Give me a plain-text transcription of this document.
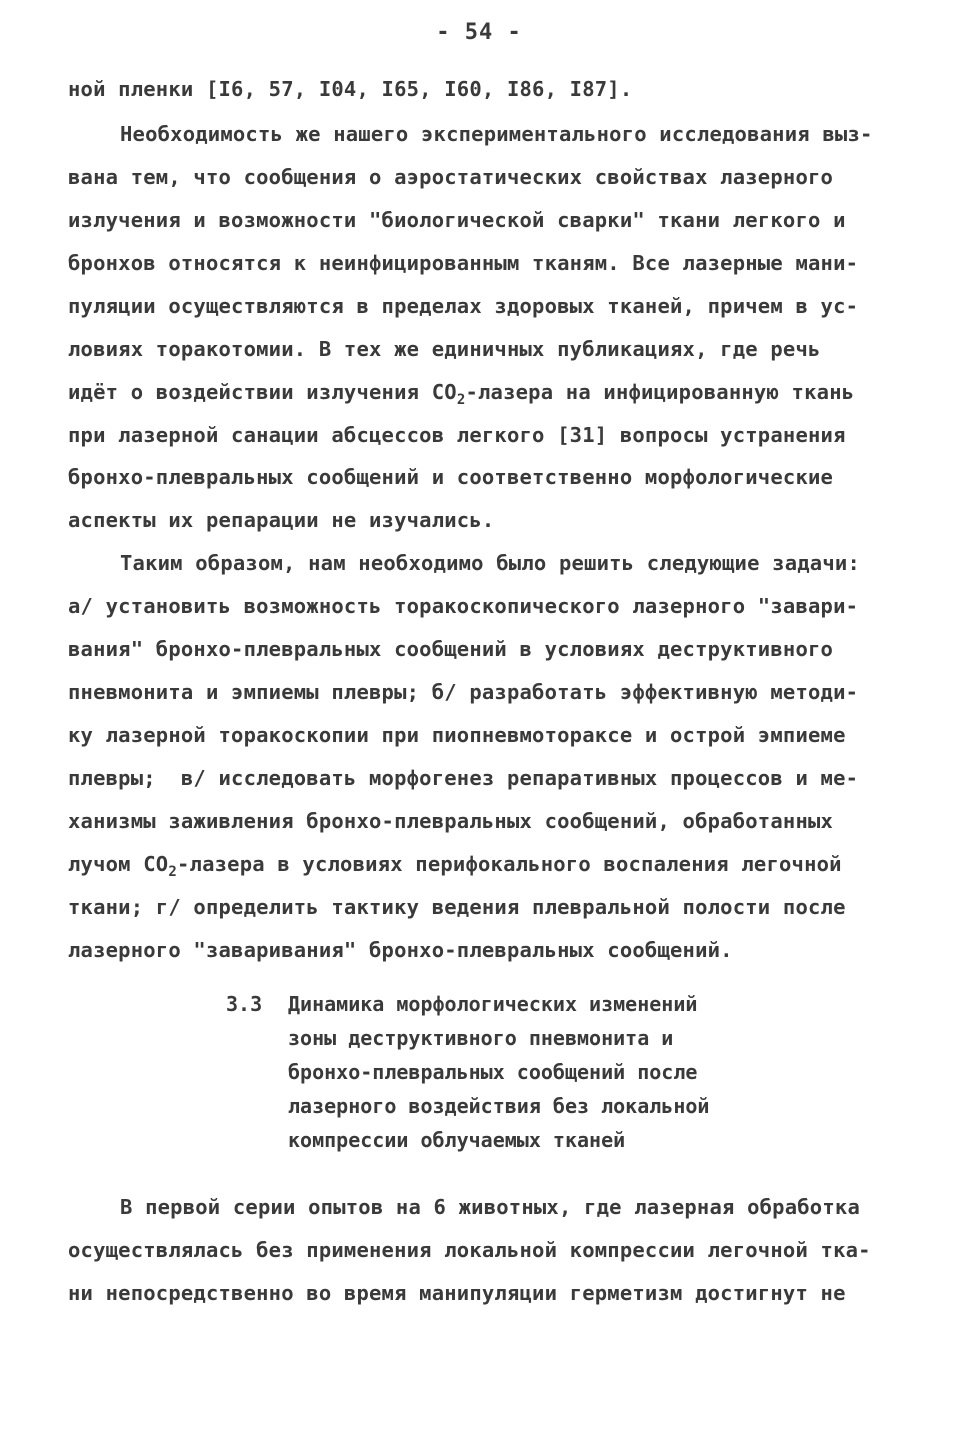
- 54 -
ной пленки [I6, 57, I04, I65, I60, I86, I87].
Необходимость же нашего экспериментального исследования выз-
вана тем, что сообщения о аэростатических свойствах лазерного
излучения и возможности "биологической сварки" ткани легкого и
бронхов относятся к неинфицированным тканям. Все лазерные мани-
пуляции осуществляются в пределах здоровых тканей, причем в ус-
ловиях торакотомии. В тех же единичных публикациях, где речь
идёт о воздействии излучения $CO_2$-лазера на инфицированную ткань
при лазерной санации абсцессов легкого [31] вопросы устранения
бронхо-плевральных сообщений и соответственно морфологические
аспекты их репарации не изучались.
Таким образом, нам необходимо было решить следующие задачи:
а/ установить возможность торакоскопического лазерного "завари-
вания" бронхо-плевральных сообщений в условиях деструктивного
пневмонита и эмпиемы плевры; б/ разработать эффективную методи-
ку лазерной торакоскопии при пиопневмотораксе и острой эмпиеме
плевры;  в/ исследовать морфогенез репаративных процессов и ме-
ханизмы заживления бронхо-плевральных сообщений, обработанных
лучом $CO_2$-лазера в условиях перифокального воспаления легочной
ткани; г/ определить тактику ведения плевральной полости после
лазерного "заваривания" бронхо-плевральных сообщений.
3.3 Динамика морфологических изменений
зоны деструктивного пневмонита и
бронхо-плевральных сообщений после
лазерного воздействия без локальной
компрессии облучаемых тканей
В первой серии опытов на 6 животных, где лазерная обработка
осуществлялась без применения локальной компрессии легочной тка-
ни непосредственно во время манипуляции герметизм достигнут не
